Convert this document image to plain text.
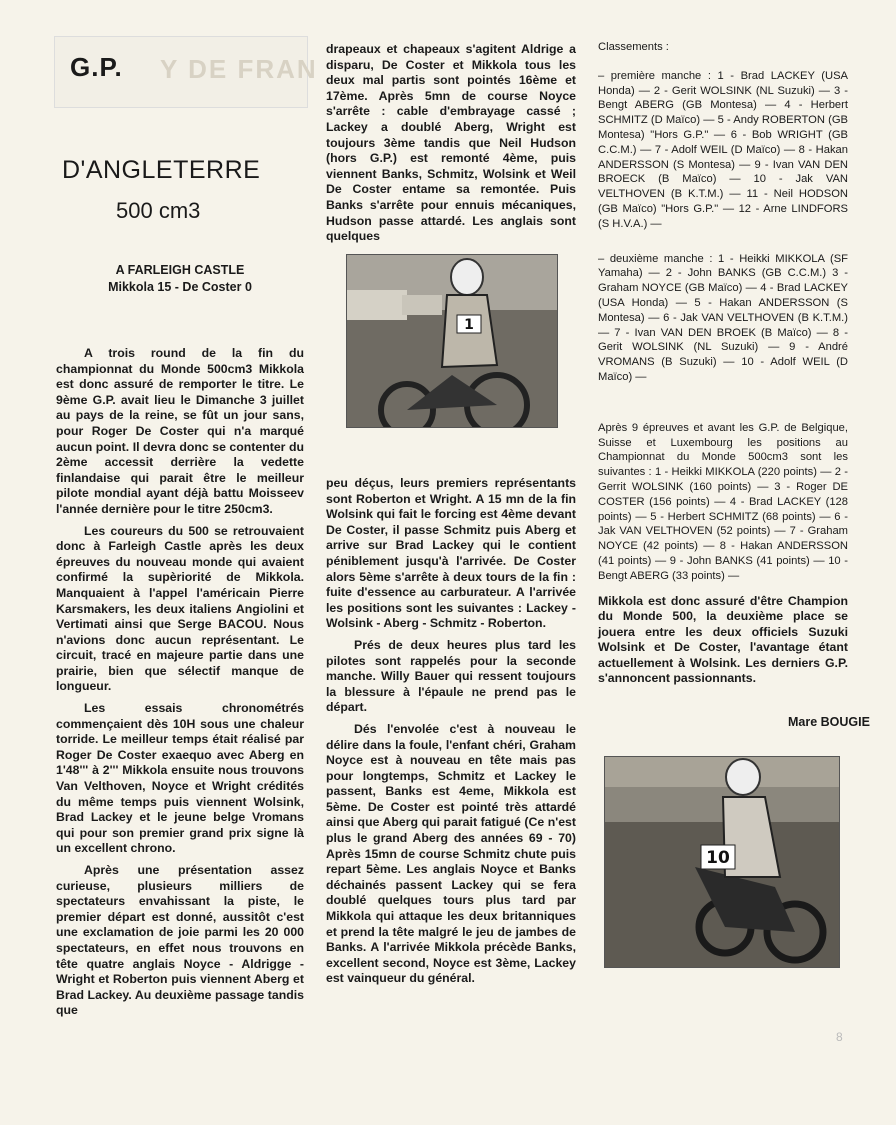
Y DE FRAN
G.P.
D'ANGLETERRE
500 cm3
A FARLEIGH CASTLE
Mikkola 15 - De Coster 0

A trois round de la fin du championnat du Monde 500cm3 Mikkola est donc assuré de remporter le titre. Le 9ème G.P. avait lieu le Dimanche 3 juillet au pays de la reine, se fût un jour sans, pour Roger De Coster qui n'a marqué aucun point. Il devra donc se contenter du 2ème accessit derrière la vedette finlandaise qui parait être le meilleur pilote mondial ayant déjà battu Moisseev l'année dernière pour le titre 250cm3.

Les coureurs du 500 se retrouvaient donc à Farleigh Castle après les deux épreuves du nouveau monde qui avaient confirmé la supèriorité de Mikkola. Manquaient à l'appel l'américain Pierre Karsmakers, les deux italiens Angiolini et Vertimati ainsi que Serge BACOU. Nous n'avions donc aucun représentant. Le circuit, tracé en majeure partie dans une prairie, bien que sélectif manque de longueur.

Les essais chronométrés commençaient dès 10H sous une chaleur torride. Le meilleur temps était réalisé par Roger De Coster exaequo avec Aberg en 1'48''' à 2''' Mikkola ensuite nous trouvons Van Velthoven, Noyce et Wright crédités du même temps puis viennent Wolsink, Brad Lackey et le jeune belge Vromans qui pour son premier grand prix signe là un excellent chrono.

Après une présentation assez curieuse, plusieurs milliers de spectateurs envahissant la piste, le premier départ est donné, aussitôt c'est une exclamation de joie parmi les 20 000 spectateurs, en effet nous trouvons en tête quatre anglais Noyce - Aldrigge - Wright et Roberton puis viennent Aberg et Brad Lackey. Au deuxième passage tandis que

drapeaux et chapeaux s'agitent Aldrige a disparu, De Coster et Mikkola tous les deux mal partis sont pointés 16ème et 17ème. Après 5mn de course Noyce s'arrête : cable d'embrayage cassé ; Lackey a doublé Aberg, Wright est toujours 3ème tandis que Neil Hudson (hors G.P.) est remonté 4ème, puis viennent Banks, Schmitz, Wolsink et Weil De Coster entame sa remontée. Puis Banks s'arrête pour ennuis mécaniques, Hudson passe attardé. Les anglais sont quelques

1

peu déçus, leurs premiers représentants sont Roberton et Wright. A 15 mn de la fin Wolsink qui fait le forcing est 4ème devant De Coster, il passe Schmitz puis Aberg et arrive sur Brad Lackey qui le contient péniblement jusqu'à l'arrivée. De Coster alors 5ème s'arrête à deux tours de la fin : fuite d'essence au carburateur. A l'arrivée les positions sont les suivantes : Lackey - Wolsink - Aberg - Schmitz - Roberton.

Prés de deux heures plus tard les pilotes sont rappelés pour la seconde manche. Willy Bauer qui ressent toujours la blessure à l'épaule ne prend pas le départ.

Dés l'envolée c'est à nouveau le délire dans la foule, l'enfant chéri, Graham Noyce est à nouveau en tête mais pas pour longtemps, Schmitz et Lackey le passent, Banks est 4eme, Mikkola est 5ème. De Coster est pointé très attardé ainsi que Aberg qui parait fatigué (Ce n'est plus le grand Aberg des années 69 - 70) Après 15mn de course Schmitz chute puis repart 5ème. Les anglais Noyce et Banks déchainés passent Lackey qui se fera doublé quelques tours plus tard par Mikkola qui attaque les deux britanniques et prend la tête malgré le jeu de jambes de Banks. A l'arrivée Mikkola précède Banks, excellent second, Noyce est 3ème, Lackey est vainqueur du général.

Classements :

– première manche : 1 - Brad LACKEY (USA Honda) — 2 - Gerit WOLSINK (NL Suzuki) — 3 - Bengt ABERG (GB Montesa) — 4 - Herbert SCHMITZ (D Maïco) — 5 - Andy ROBERTON (GB Montesa) "Hors G.P." — 6 - Bob WRIGHT (GB C.C.M.) — 7 - Adolf WEIL (D Maïco) — 8 - Hakan ANDERSSON (S Montesa) — 9 - Ivan VAN DEN BROECK (B Maïco) — 10 - Jak VAN VELTHOVEN (B K.T.M.) — 11 - Neil HODSON (GB Maïco) "Hors G.P." — 12 - Arne LINDFORS (S H.V.A.) —

– deuxième manche : 1 - Heikki MIKKOLA (SF Yamaha) — 2 - John BANKS (GB C.C.M.) 3 - Graham NOYCE (GB Maïco) — 4 - Brad LACKEY (USA Honda) — 5 - Hakan ANDERSSON (S Montesa) — 6 - Jak VAN VELTHOVEN (B K.T.M.) — 7 - Ivan VAN DEN BROEK (B Maïco) — 8 - Gerit WOLSINK (NL Suzuki) — 9 - André VROMANS (B Suzuki) — 10 - Adolf WEIL (D Maïco) —

Après 9 épreuves et avant les G.P. de Belgique, Suisse et Luxembourg les positions au Championnat du Monde 500cm3 sont les suivantes : 1 - Heikki MIKKOLA (220 points) — 2 - Gerrit WOLSINK (160 points) — 3 - Roger DE COSTER (156 points) — 4 - Brad LACKEY (128 points) — 5 - Herbert SCHMITZ (68 points) — 6 - Jak VAN VELTHOVEN (52 points) — 7 - Graham NOYCE (42 points) — 8 - Hakan ANDERSSON (41 points) — 9 - John BANKS (41 points) — 10 - Bengt ABERG (33 points) —

Mikkola est donc assuré d'être Champion du Monde 500, la deuxième place se jouera entre les deux officiels Suzuki Wolsink et De Coster, l'avantage étant actuellement à Wolsink. Les derniers G.P. s'annoncent passionnants.

Mare BOUGIE
10
8
